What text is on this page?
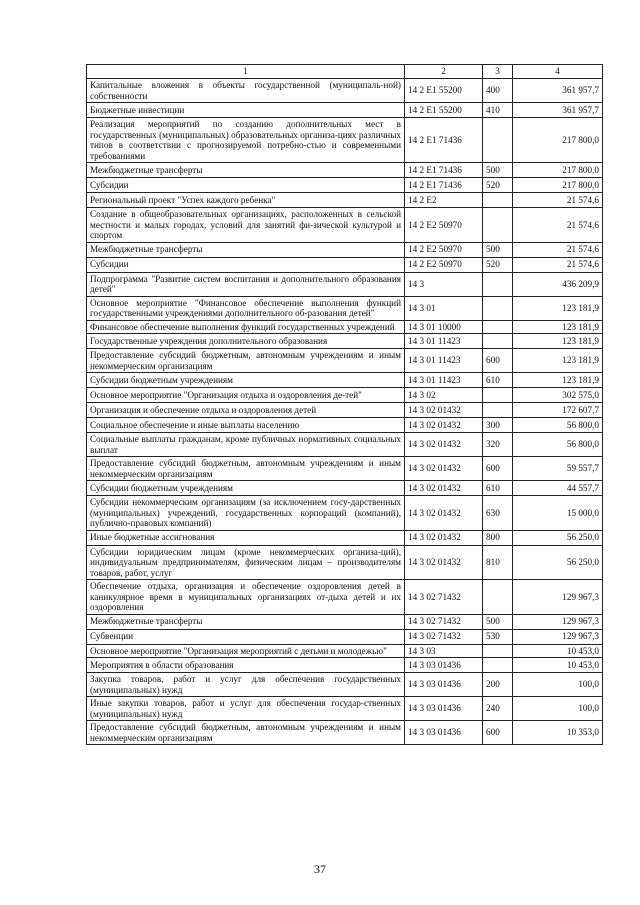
1	2	3	4
Капитальные вложения в объекты государственной (муниципаль-ной) собственности	14 2 E1 55200	400	361 957,7
Бюджетные инвестиции	14 2 E1 55200	410	361 957,7
Реализация мероприятий по созданию дополнительных мест в государственных (муниципальных) образовательных организа-циях различных типов в соответствии с прогнозируемой потребно-стью и современными требованиями	14 2 E1 71436		217 800,0
Межбюджетные трансферты	14 2 E1 71436	500	217 800,0
Субсидии	14 2 E1 71436	520	217 800,0
Региональный проект "Успех каждого ребенка"	14 2 E2		21 574,6
Создание в общеобразовательных организациях, расположенных в сельской местности и малых городах, условий для занятий фи-зической культурой и спортом	14 2 E2 50970		21 574,6
Межбюджетные трансферты	14 2 E2 50970	500	21 574,6
Субсидии	14 2 E2 50970	520	21 574,6
Подпрограмма "Развитие систем воспитания и дополнительного образования детей"	14 3		436 209,9
Основное мероприятие "Финансовое обеспечение выполнения функций государственными учреждениями дополнительного об-разования детей"	14 3 01		123 181,9
Финансовое обеспечение выполнения функций государственных учреждений	14 3 01 10000		123 181,9
Государственные учреждения дополнительного образования	14 3 01 11423		123 181,9
Предоставление субсидий бюджетным, автономным учреждениям и иным некоммерческим организациям	14 3 01 11423	600	123 181,9
Субсидии бюджетным учреждениям	14 3 01 11423	610	123 181,9
Основное мероприятие "Организация отдыха и оздоровления де-тей"	14 3 02		302 575,0
Организация и обеспечение отдыха и оздоровления детей	14 3 02 01432		172 607,7
Социальное обеспечение и иные выплаты населению	14 3 02 01432	300	56 800,0
Социальные выплаты гражданам, кроме публичных нормативных социальных выплат	14 3 02 01432	320	56 800,0
Предоставление субсидий бюджетным, автономным учреждениям и иным некоммерческим организациям	14 3 02 01432	600	59 557,7
Субсидии бюджетным учреждениям	14 3 02 01432	610	44 557,7
Субсидии некоммерческим организациям (за исключением госу-дарственных (муниципальных) учреждений, государственных корпораций (компаний), публично-правовых компаний)	14 3 02 01432	630	15 000,0
Иные бюджетные ассигнования	14 3 02 01432	800	56 250,0
Субсидии юридическим лицам (кроме некоммерческих организа-ций), индивидуальным предпринимателям, физическим лицам – производителям товаров, работ, услуг	14 3 02 01432	810	56 250,0
Обеспечение отдыха, организация и обеспечение оздоровления детей в каникулярное время в муниципальных организациях от-дыха детей и их оздоровления	14 3 02 71432		129 967,3
Межбюджетные трансферты	14 3 02 71432	500	129 967,3
Субвенции	14 3 02 71432	530	129 967,3
Основное мероприятие "Организация мероприятий с детьми и молодежью"	14 3 03		10 453,0
Мероприятия в области образования	14 3 03 01436		10 453,0
Закупка товаров, работ и услуг для обеспечения государственных (муниципальных) нужд	14 3 03 01436	200	100,0
Иные закупки товаров, работ и услуг для обеспечения государ-ственных (муниципальных) нужд	14 3 03 01436	240	100,0
Предоставление субсидий бюджетным, автономным учреждениям и иным некоммерческим организациям	14 3 03 01436	600	10 353,0
37
